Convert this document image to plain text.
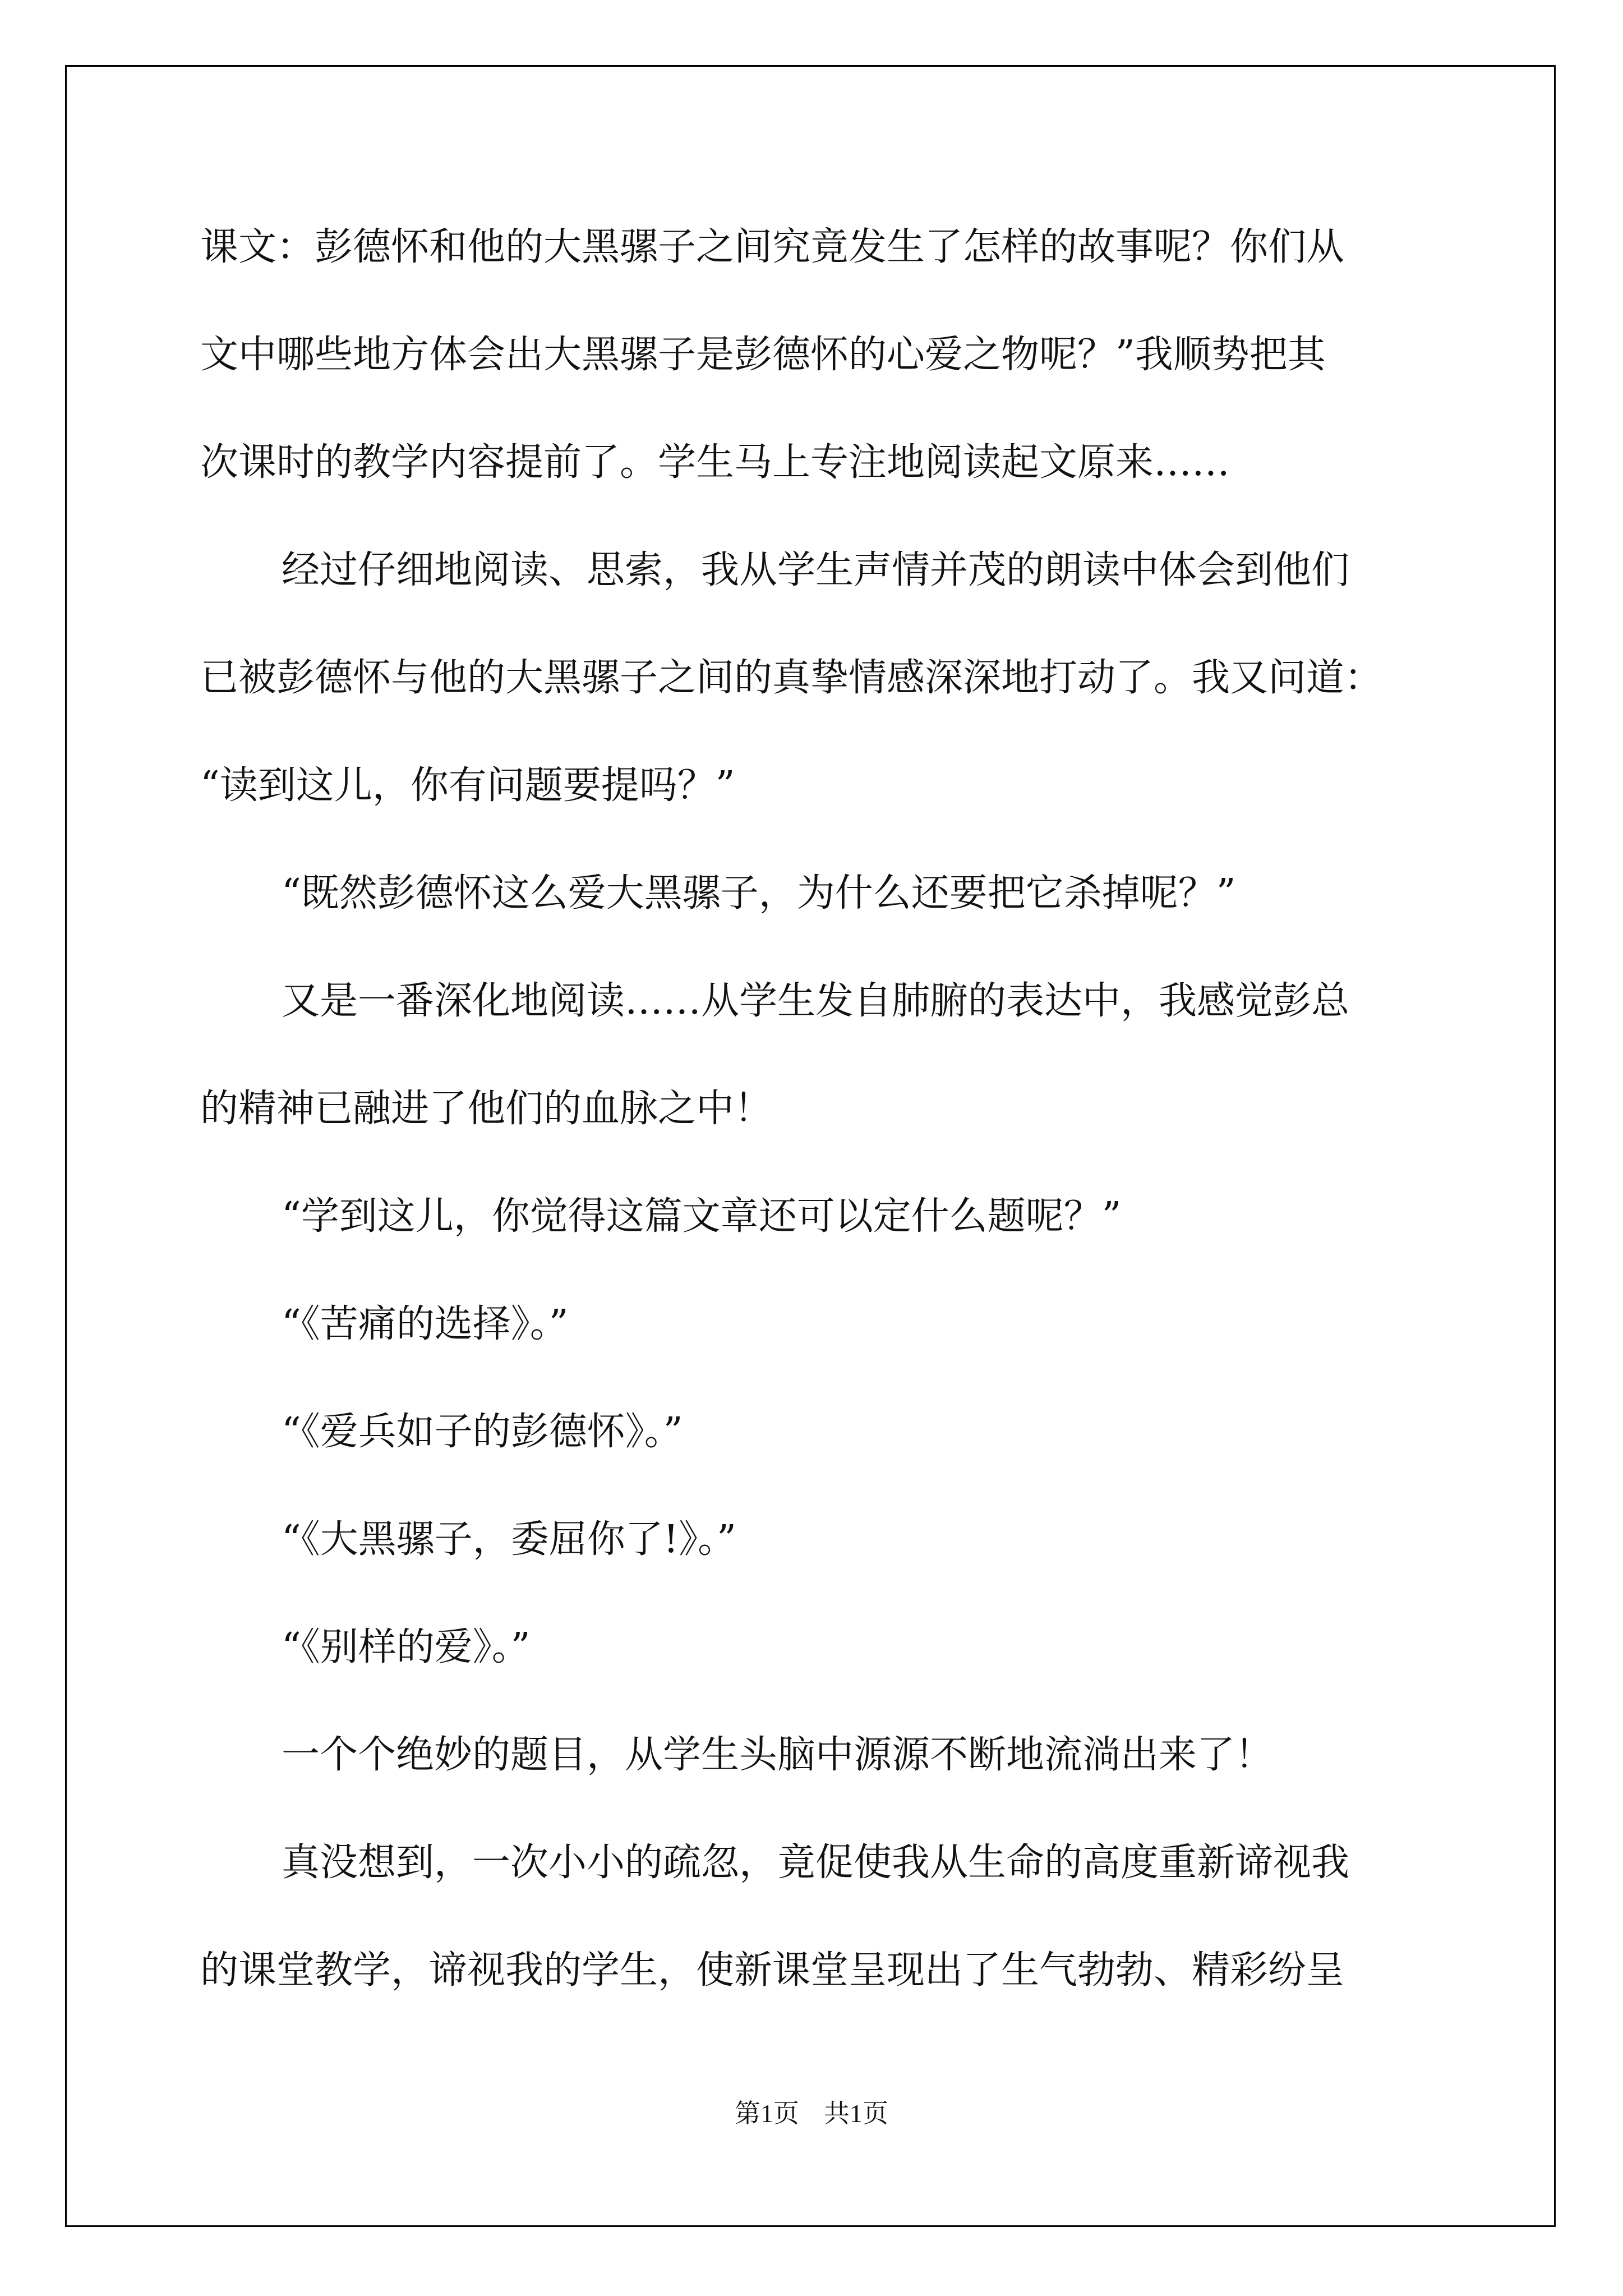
课文：彭德怀和他的大黑骡子之间究竟发生了怎样的故事呢？你们从
文中哪些地方体会出大黑骡子是彭德怀的心爱之物呢？”我顺势把其
次课时的教学内容提前了。学生马上专注地阅读起文原来……
经过仔细地阅读、思索，我从学生声情并茂的朗读中体会到他们
已被彭德怀与他的大黑骡子之间的真挚情感深深地打动了。我又问道：
“读到这儿，你有问题要提吗？”
“既然彭德怀这么爱大黑骡子，为什么还要把它杀掉呢？”
又是一番深化地阅读……从学生发自肺腑的表达中，我感觉彭总
的精神已融进了他们的血脉之中！
“学到这儿，你觉得这篇文章还可以定什么题呢？”
“《苦痛的选择》。”
“《爱兵如子的彭德怀》。”
“《大黑骡子，委屈你了!》。”
“《别样的爱》。”
一个个绝妙的题目，从学生头脑中源源不断地流淌出来了！
真没想到，一次小小的疏忽，竟促使我从生命的高度重新谛视我
的课堂教学，谛视我的学生，使新课堂呈现出了生气勃勃、精彩纷呈
第1页 共1页
